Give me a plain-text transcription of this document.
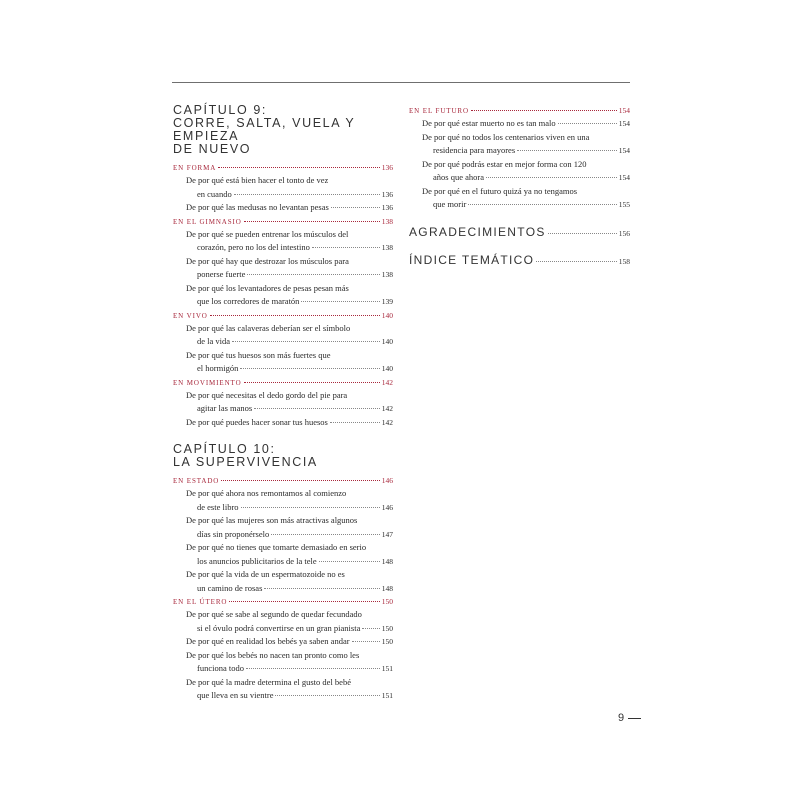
CAPÍTULO 9:
CORRE, SALTA, VUELA Y EMPIEZA
DE NUEVO
EN FORMA	136
De por qué está bien hacer el tonto de vez
en cuando	136
De por qué las medusas no levantan pesas	136
EN EL GIMNASIO	138
De por qué se pueden entrenar los músculos del
corazón, pero no los del intestino	138
De por qué hay que destrozar los músculos para
ponerse fuerte	138
De por qué los levantadores de pesas pesan más
que los corredores de maratón	139
EN VIVO	140
De por qué las calaveras deberían ser el símbolo
de la vida	140
De por qué tus huesos son más fuertes que
el hormigón	140
EN MOVIMIENTO	142
De por qué necesitas el dedo gordo del pie para
agitar las manos	142
De por qué puedes hacer sonar tus huesos	142
CAPÍTULO 10:
LA SUPERVIVENCIA
EN ESTADO	146
De por qué ahora nos remontamos al comienzo
de este libro	146
De por qué las mujeres son más atractivas algunos
días sin proponérselo	147
De por qué no tienes que tomarte demasiado en serio
los anuncios publicitarios de la tele	148
De por qué la vida de un espermatozoide no es
un camino de rosas	148
EN EL ÚTERO	150
De por qué se sabe al segundo de quedar fecundado
si el óvulo podrá convertirse en un gran pianista	150
De por qué en realidad los bebés ya saben andar	150
De por qué los bebés no nacen tan pronto como les
funciona todo	151
De por qué la madre determina el gusto del bebé
que lleva en su vientre	151
EN EL FUTURO	154
De por qué estar muerto no es tan malo	154
De por qué no todos los centenarios viven en una
residencia para mayores	154
De por qué podrás estar en mejor forma con 120
años que ahora	154
De por qué en el futuro quizá ya no tengamos
que morir	155
AGRADECIMIENTOS	156
ÍNDICE TEMÁTICO	158
9
